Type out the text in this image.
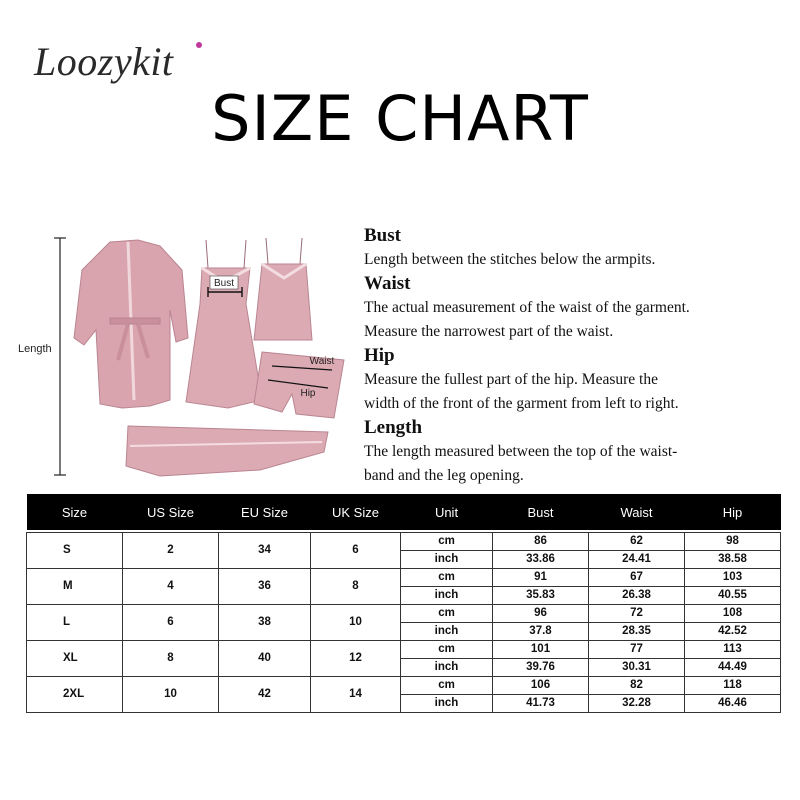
Loozykit
SIZE CHART
Length
Bust
Waist
Hip
Bust
Length between the stitches below the armpits.
Waist
The actual measurement of the waist of the garment.
Measure the narrowest part of the waist.
Hip
Measure the fullest part of the hip. Measure the
width of the front of the garment from left to right.
Length
The length measured between the top of the waist-
band and the leg opening.
Size	US Size	EU Size	UK Size	Unit	Bust	Waist	Hip

S	2	34	6	cm	86	62	98
				inch	33.86	24.41	38.58
M	4	36	8	cm	91	67	103
				inch	35.83	26.38	40.55
L	6	38	10	cm	96	72	108
				inch	37.8	28.35	42.52
XL	8	40	12	cm	101	77	113
				inch	39.76	30.31	44.49
2XL	10	42	14	cm	106	82	118
				inch	41.73	32.28	46.46
